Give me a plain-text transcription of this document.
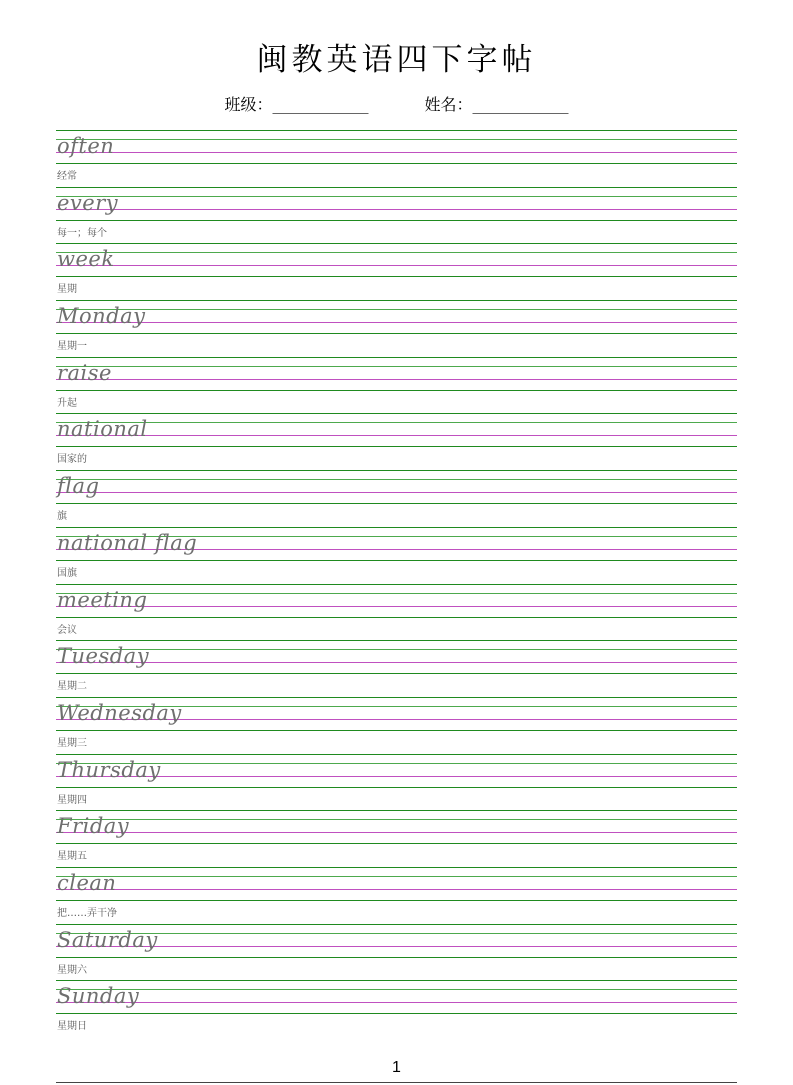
闽教英语四下字帖
班级：____________	姓名：____________
often
经常
every
每一；每个
week
星期
Monday
星期一
raise
升起
national
国家的
flag
旗
national flag
国旗
meeting
会议
Tuesday
星期二
Wednesday
星期三
Thursday
星期四
Friday
星期五
clean
把……弄干净
Saturday
星期六
Sunday
星期日
1
